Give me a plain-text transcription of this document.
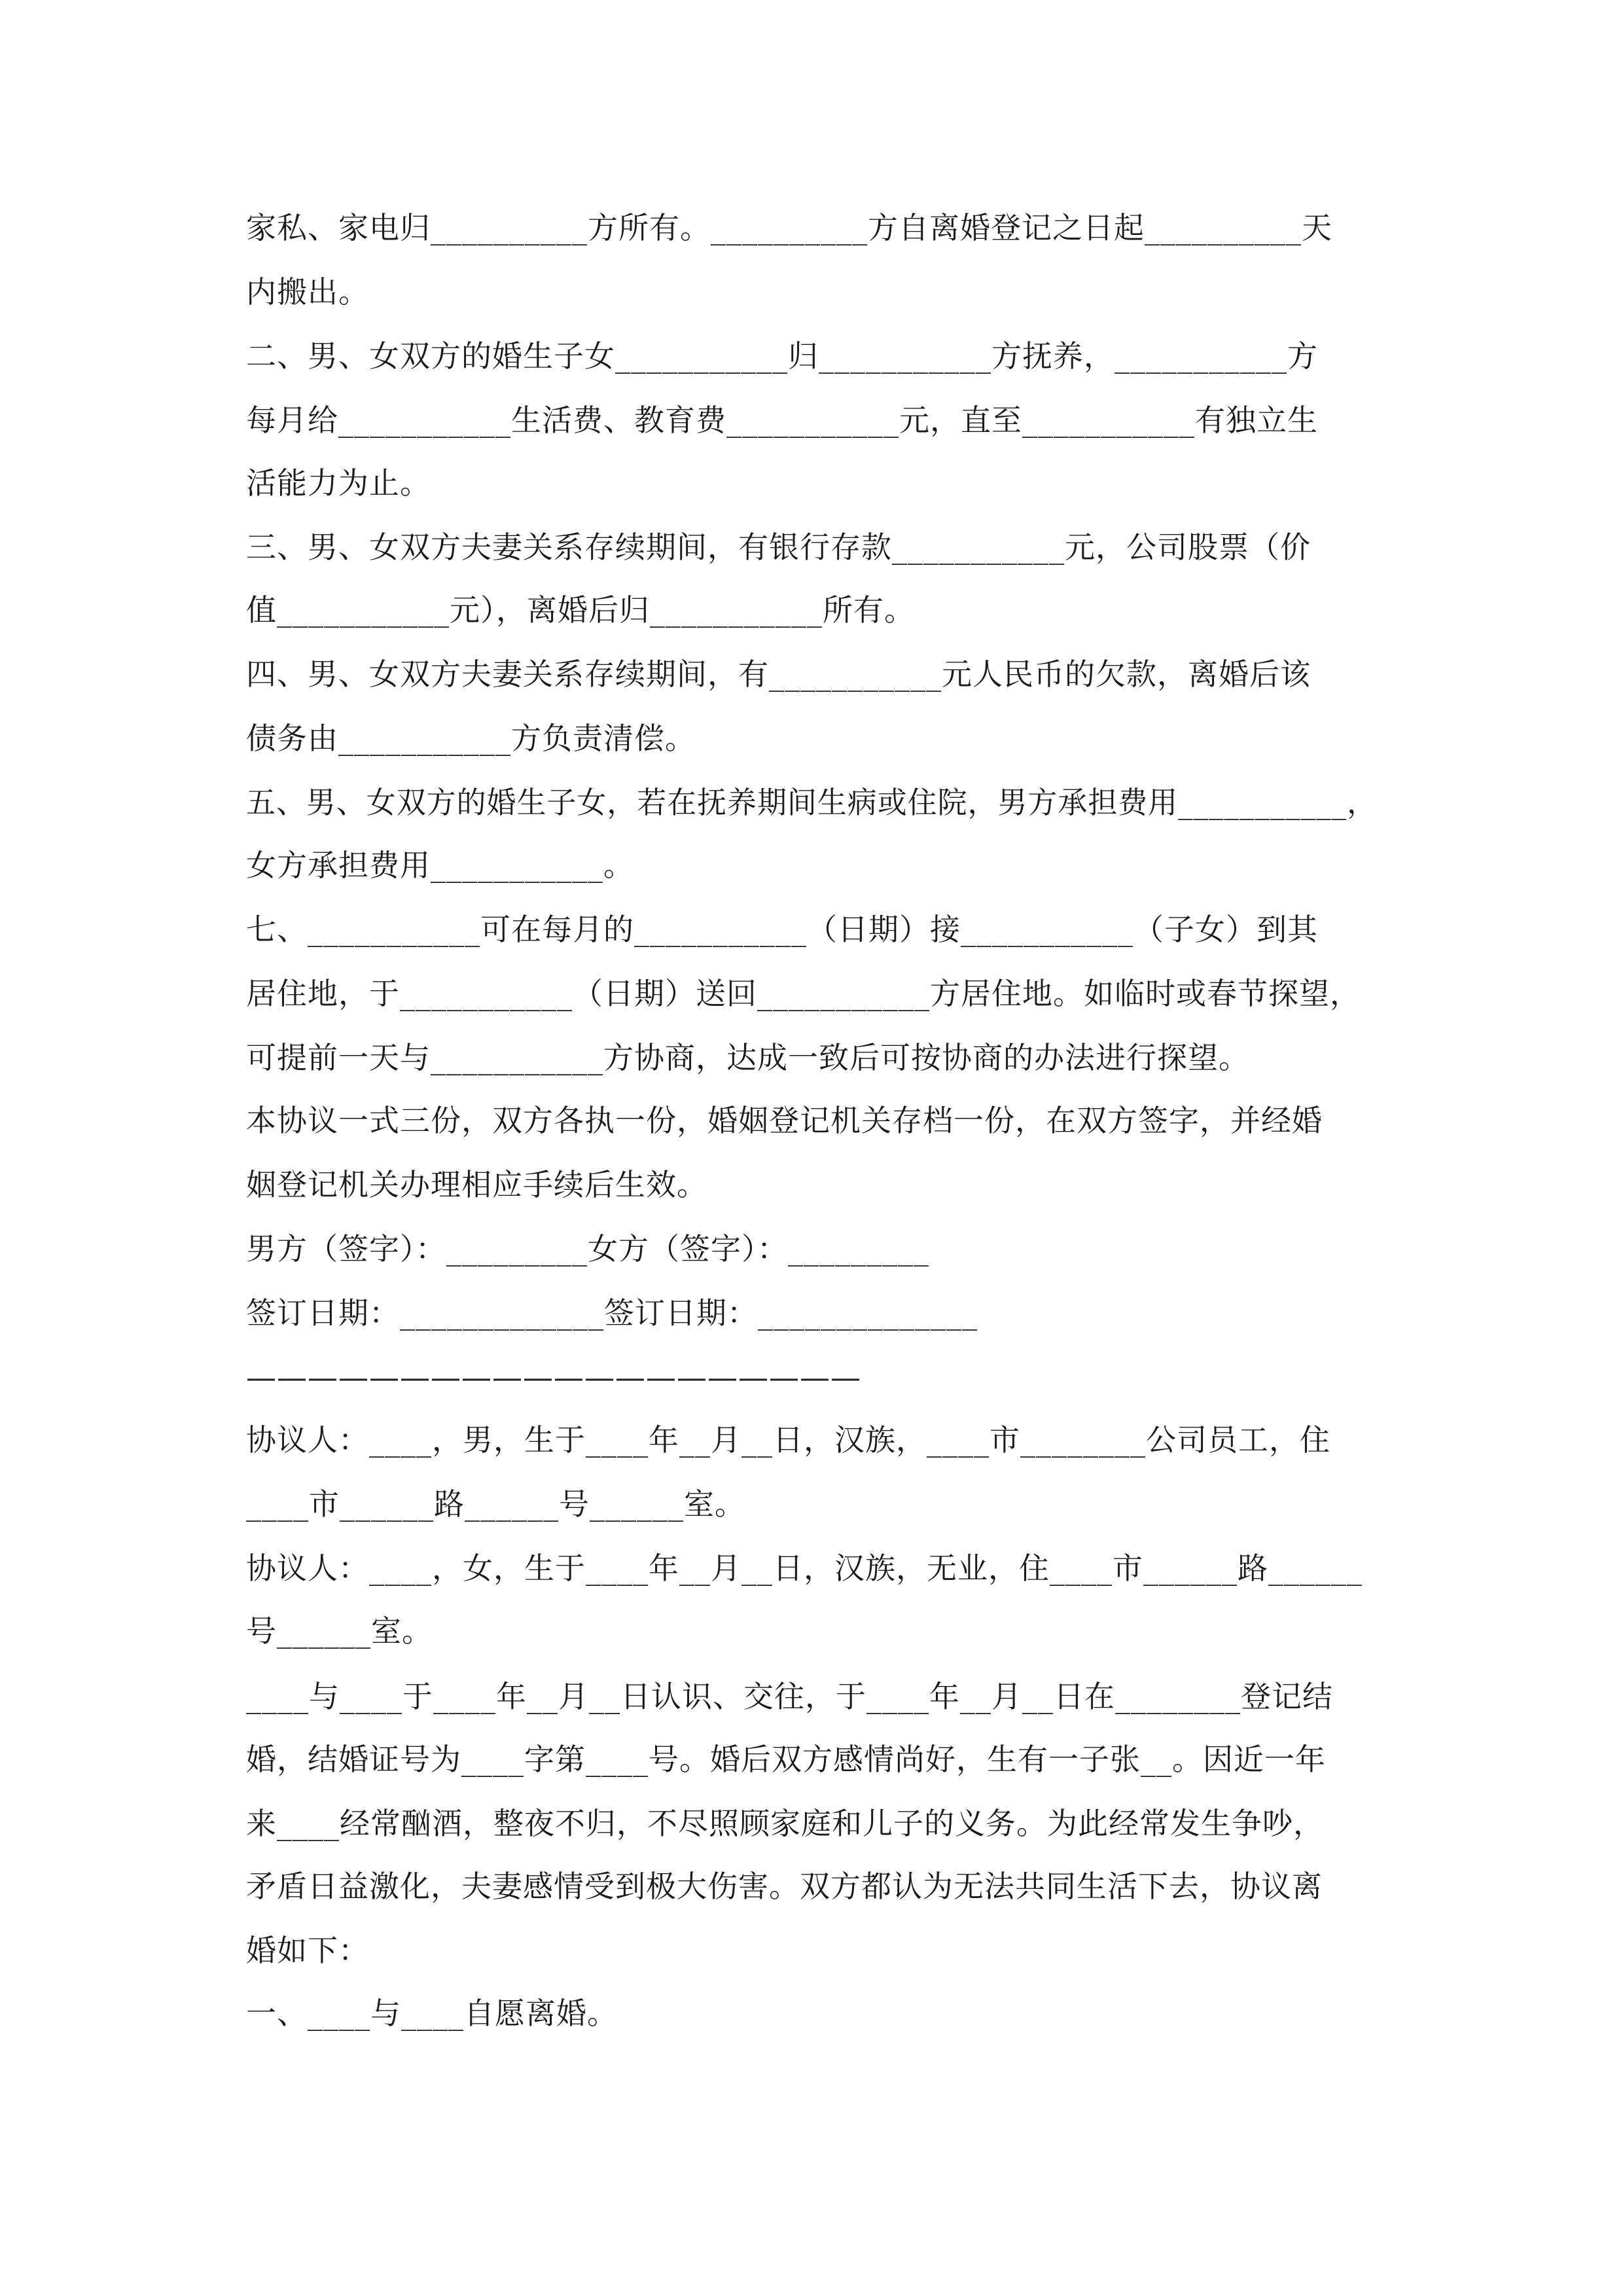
家私、家电归__________方所有。__________方自离婚登记之日起__________天
内搬出。
二、男、女双方的婚生子女___________归___________方抚养，___________方
每月给___________生活费、教育费___________元，直至___________有独立生
活能力为止。
三、男、女双方夫妻关系存续期间，有银行存款___________元，公司股票（价
值___________元），离婚后归___________所有。
四、男、女双方夫妻关系存续期间，有___________元人民币的欠款，离婚后该
债务由___________方负责清偿。
五、男、女双方的婚生子女，若在抚养期间生病或住院，男方承担费用___________，
女方承担费用___________。
七、___________可在每月的___________（日期）接___________（子女）到其
居住地，于___________（日期）送回___________方居住地。如临时或春节探望，
可提前一天与___________方协商，达成一致后可按协商的办法进行探望。
本协议一式三份，双方各执一份，婚姻登记机关存档一份，在双方签字，并经婚
姻登记机关办理相应手续后生效。
男方（签字）：_________女方（签字）：_________
签订日期：_____________签订日期：______________
————————————————————
协议人：____，男，生于____年__月__日，汉族，____市________公司员工，住
____市______路______号______室。
协议人：____，女，生于____年__月__日，汉族，无业，住____市______路______
号______室。
____与____于____年__月__日认识、交往，于____年__月__日在________登记结
婚，结婚证号为____字第____号。婚后双方感情尚好，生有一子张__。因近一年
来____经常酗酒，整夜不归，不尽照顾家庭和儿子的义务。为此经常发生争吵，
矛盾日益激化，夫妻感情受到极大伤害。双方都认为无法共同生活下去，协议离
婚如下：
一、____与____自愿离婚。
